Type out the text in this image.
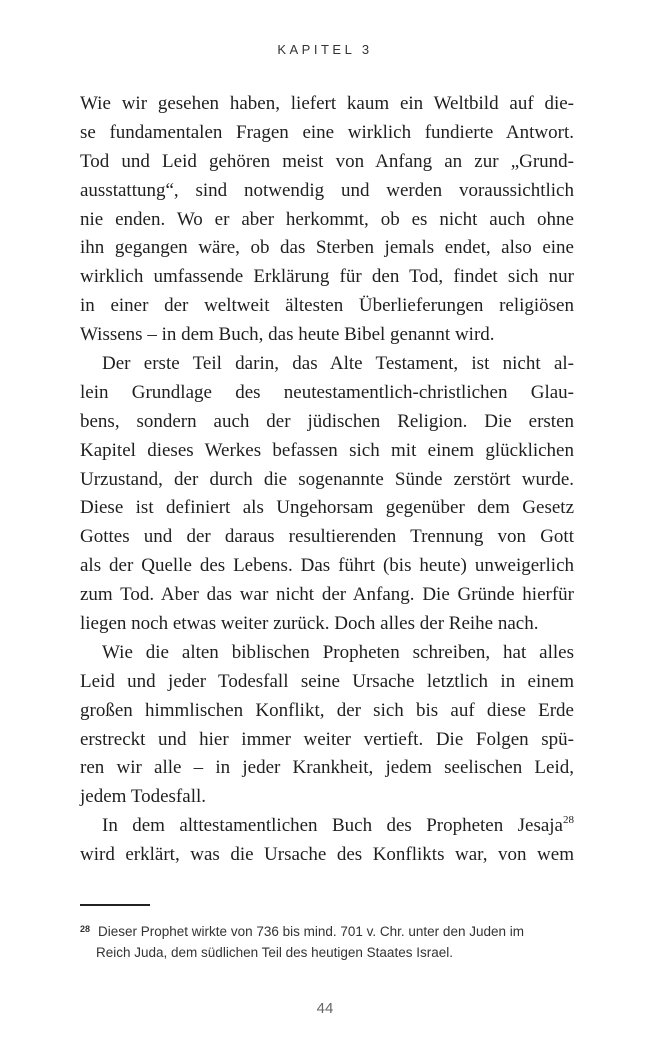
KAPITEL 3
Wie wir gesehen haben, liefert kaum ein Weltbild auf die-
se fundamentalen Fragen eine wirklich fundierte Antwort.
Tod und Leid gehören meist von Anfang an zur „Grund-
ausstattung“, sind notwendig und werden voraussichtlich
nie enden. Wo er aber herkommt, ob es nicht auch ohne
ihn gegangen wäre, ob das Sterben jemals endet, also eine
wirklich umfassende Erklärung für den Tod, findet sich nur
in einer der weltweit ältesten Überlieferungen religiösen
Wissens – in dem Buch, das heute Bibel genannt wird.
Der erste Teil darin, das Alte Testament, ist nicht al-
lein Grundlage des neutestamentlich-christlichen Glau-
bens, sondern auch der jüdischen Religion. Die ersten
Kapitel dieses Werkes befassen sich mit einem glücklichen
Urzustand, der durch die sogenannte Sünde zerstört wurde.
Diese ist definiert als Ungehorsam gegenüber dem Gesetz
Gottes und der daraus resultierenden Trennung von Gott
als der Quelle des Lebens. Das führt (bis heute) unweigerlich
zum Tod. Aber das war nicht der Anfang. Die Gründe hierfür
liegen noch etwas weiter zurück. Doch alles der Reihe nach.
Wie die alten biblischen Propheten schreiben, hat alles
Leid und jeder Todesfall seine Ursache letztlich in einem
großen himmlischen Konflikt, der sich bis auf diese Erde
erstreckt und hier immer weiter vertieft. Die Folgen spü-
ren wir alle – in jeder Krankheit, jedem seelischen Leid,
jedem Todesfall.
In dem alttestamentlichen Buch des Propheten Jesaja$^{28}$
wird erklärt, was die Ursache des Konflikts war, von wem
$^{28}$ Dieser Prophet wirkte von 736 bis mind. 701 v. Chr. unter den Juden im
Reich Juda, dem südlichen Teil des heutigen Staates Israel.
44
